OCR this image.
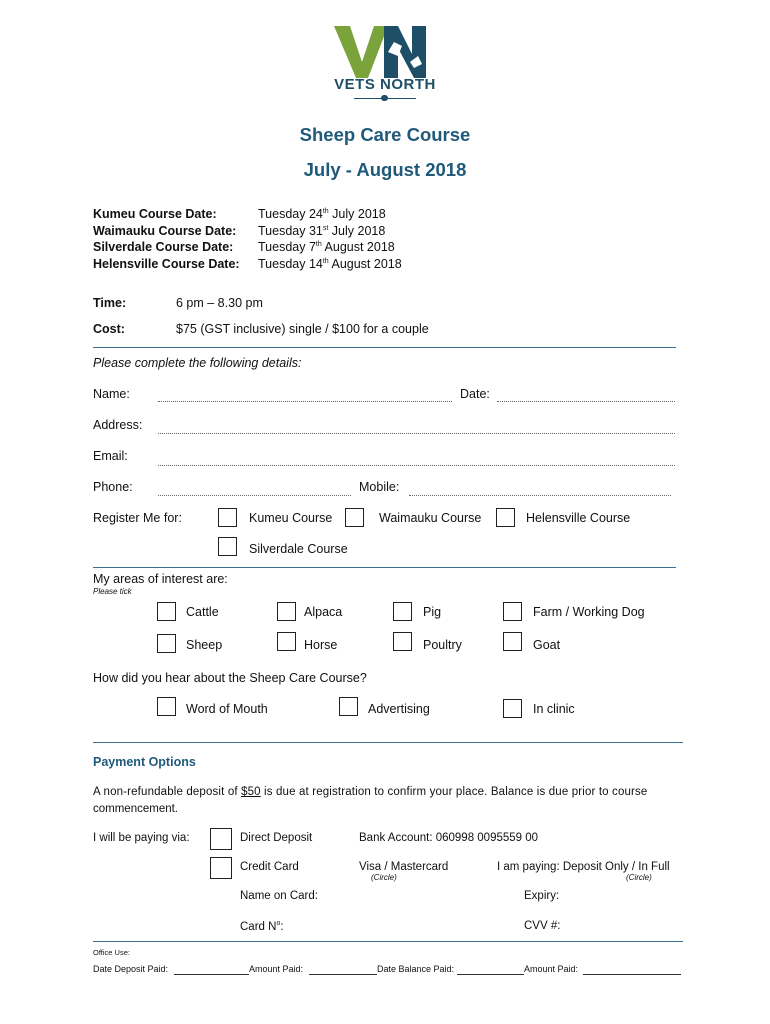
VETS NORTH
Sheep Care Course
July - August 2018
Kumeu Course Date:	Tuesday 24th July 2018
Waimauku Course Date: Tuesday 31st July 2018
Silverdale Course Date: Tuesday 7th August 2018
Helensville Course Date: Tuesday 14th August 2018
Time:	6 pm – 8.30 pm
Cost:	$75 (GST inclusive) single / $100 for a couple
Please complete the following details:
Name:	Date:
Address:
Email:
Phone:	Mobile:
Register Me for:	Kumeu Course	Waimauku Course	Helensville Course
Silverdale Course
My areas of interest are:
Please tick
Cattle	Alpaca	Pig	Farm / Working Dog
Sheep	Horse	Poultry	Goat
How did you hear about the Sheep Care Course?
Word of Mouth	Advertising	In clinic
Payment Options
A non-refundable deposit of $50 is due at registration to confirm your place. Balance is due prior to course
commencement.
I will be paying via:	Direct Deposit	Bank Account: 060998 0095559 00
Credit Card	Visa / Mastercard
(Circle)
I am paying: Deposit Only / In Full
(Circle)
Name on Card:	Expiry:
Card $N^o$:	CVV #:
Office Use:
Date Deposit Paid:	Amount Paid:	Date Balance Paid:	Amount Paid:
